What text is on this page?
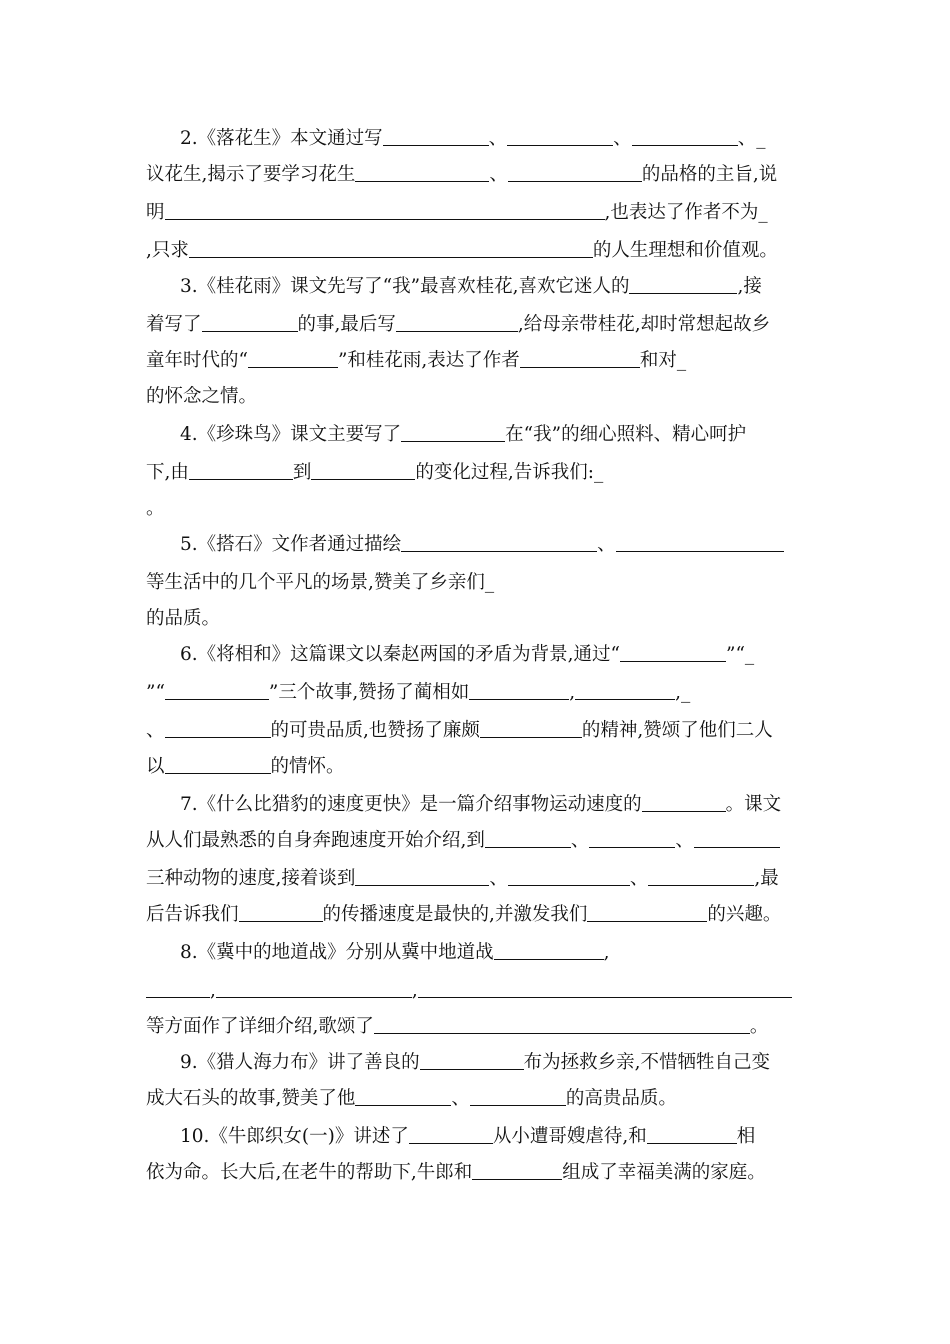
2.《落花生》本文通过写	、	、	、_
议花生,揭示了要学习花生	、	的品格的主旨,说
明	,也表达了作者不为_
,只求	的人生理想和价值观。
3.《桂花雨》课文先写了“我”最喜欢桂花,喜欢它迷人的	,接
着写了	的事,最后写	,给母亲带桂花,却时常想起故乡
童年时代的“	”和桂花雨,表达了作者	和对_
的怀念之情。
4.《珍珠鸟》课文主要写了	在“我”的细心照料、精心呵护
下,由	到	的变化过程,告诉我们:_
。
5.《搭石》文作者通过描绘	、
等生活中的几个平凡的场景,赞美了乡亲们_
的品质。
6.《将相和》这篇课文以秦赵两国的矛盾为背景,通过“	”“_
”“	”三个故事,赞扬了蔺相如	,	,_
、	的可贵品质,也赞扬了廉颇	的精神,赞颂了他们二人
以	的情怀。
7.《什么比猎豹的速度更快》是一篇介绍事物运动速度的	。课文
从人们最熟悉的自身奔跑速度开始介绍,到	、	、
三种动物的速度,接着谈到	、	、	,最
后告诉我们	的传播速度是最快的,并激发我们	的兴趣。
8.《冀中的地道战》分别从冀中地道战	,
,	,
等方面作了详细介绍,歌颂了	。
9.《猎人海力布》讲了善良的	布为拯救乡亲,不惜牺牲自己变
成大石头的故事,赞美了他	、	的高贵品质。
10.《牛郎织女(一)》讲述了	从小遭哥嫂虐待,和	相
依为命。长大后,在老牛的帮助下,牛郎和	组成了幸福美满的家庭。
